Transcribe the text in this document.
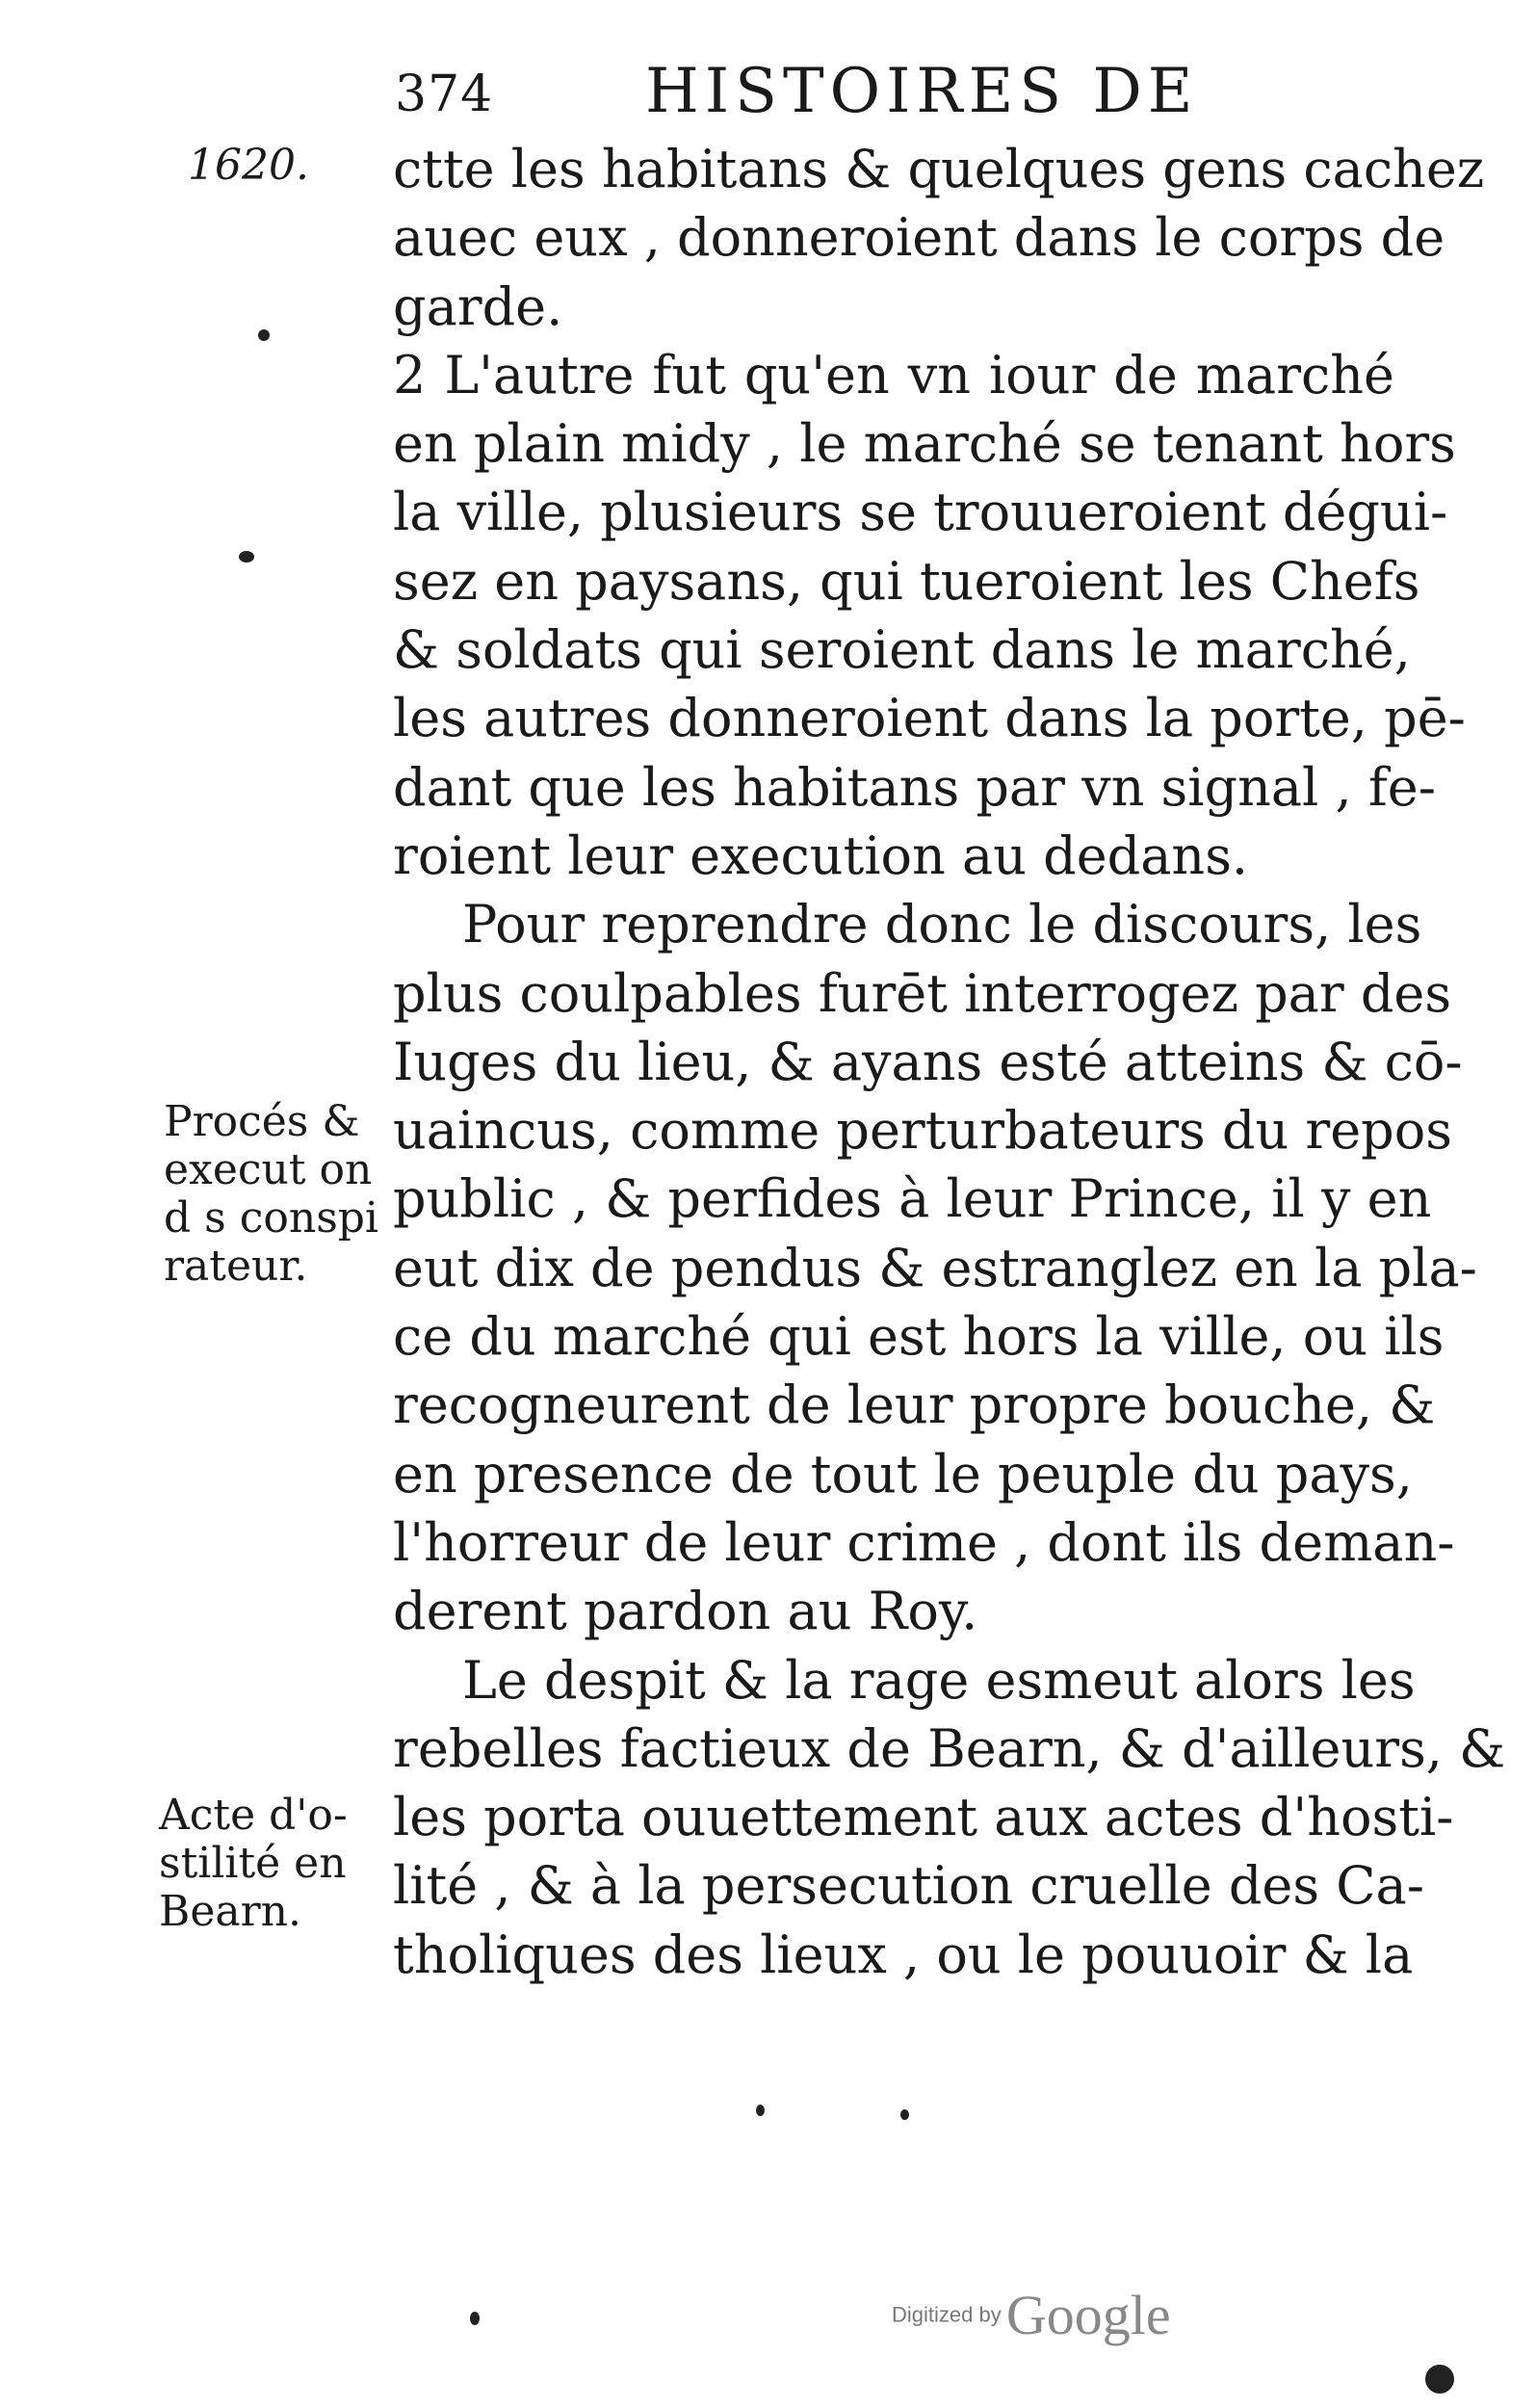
374 HISTOIRES DE
1620. ctte les habitans & quelques gens cachez
auec eux , donneroient dans le corps de
garde.
2 L'autre fut qu'en vn iour de marché
en plain midy , le marché se tenant hors
la ville, plusieurs se trouueroient dégui-
sez en paysans, qui tueroient les Chefs
& soldats qui seroient dans le marché,
les autres donneroient dans la porte, pē-
dant que les habitans par vn signal , fe-
roient leur execution au dedans.
Pour reprendre donc le discours, les
plus coulpables furēt interrogez par des
Iuges du lieu, & ayans esté atteins & cō-
uaincus, comme perturbateurs du repos
public , & perfides à leur Prince, il y en
eut dix de pendus & estranglez en la pla-
ce du marché qui est hors la ville, ou ils
recogneurent de leur propre bouche, &
en presence de tout le peuple du pays,
l'horreur de leur crime , dont ils deman-
derent pardon au Roy.
Le despit & la rage esmeut alors les
rebelles factieux de Bearn, & d'ailleurs, &
les porta ouuettement aux actes d'hosti-
lité , & à la persecution cruelle des Ca-
tholiques des lieux , ou le pouuoir & la
Procés &
execut on
d s conspi
rateur.
Acte d'o-
stilité en
Bearn.
Digitized by Google
